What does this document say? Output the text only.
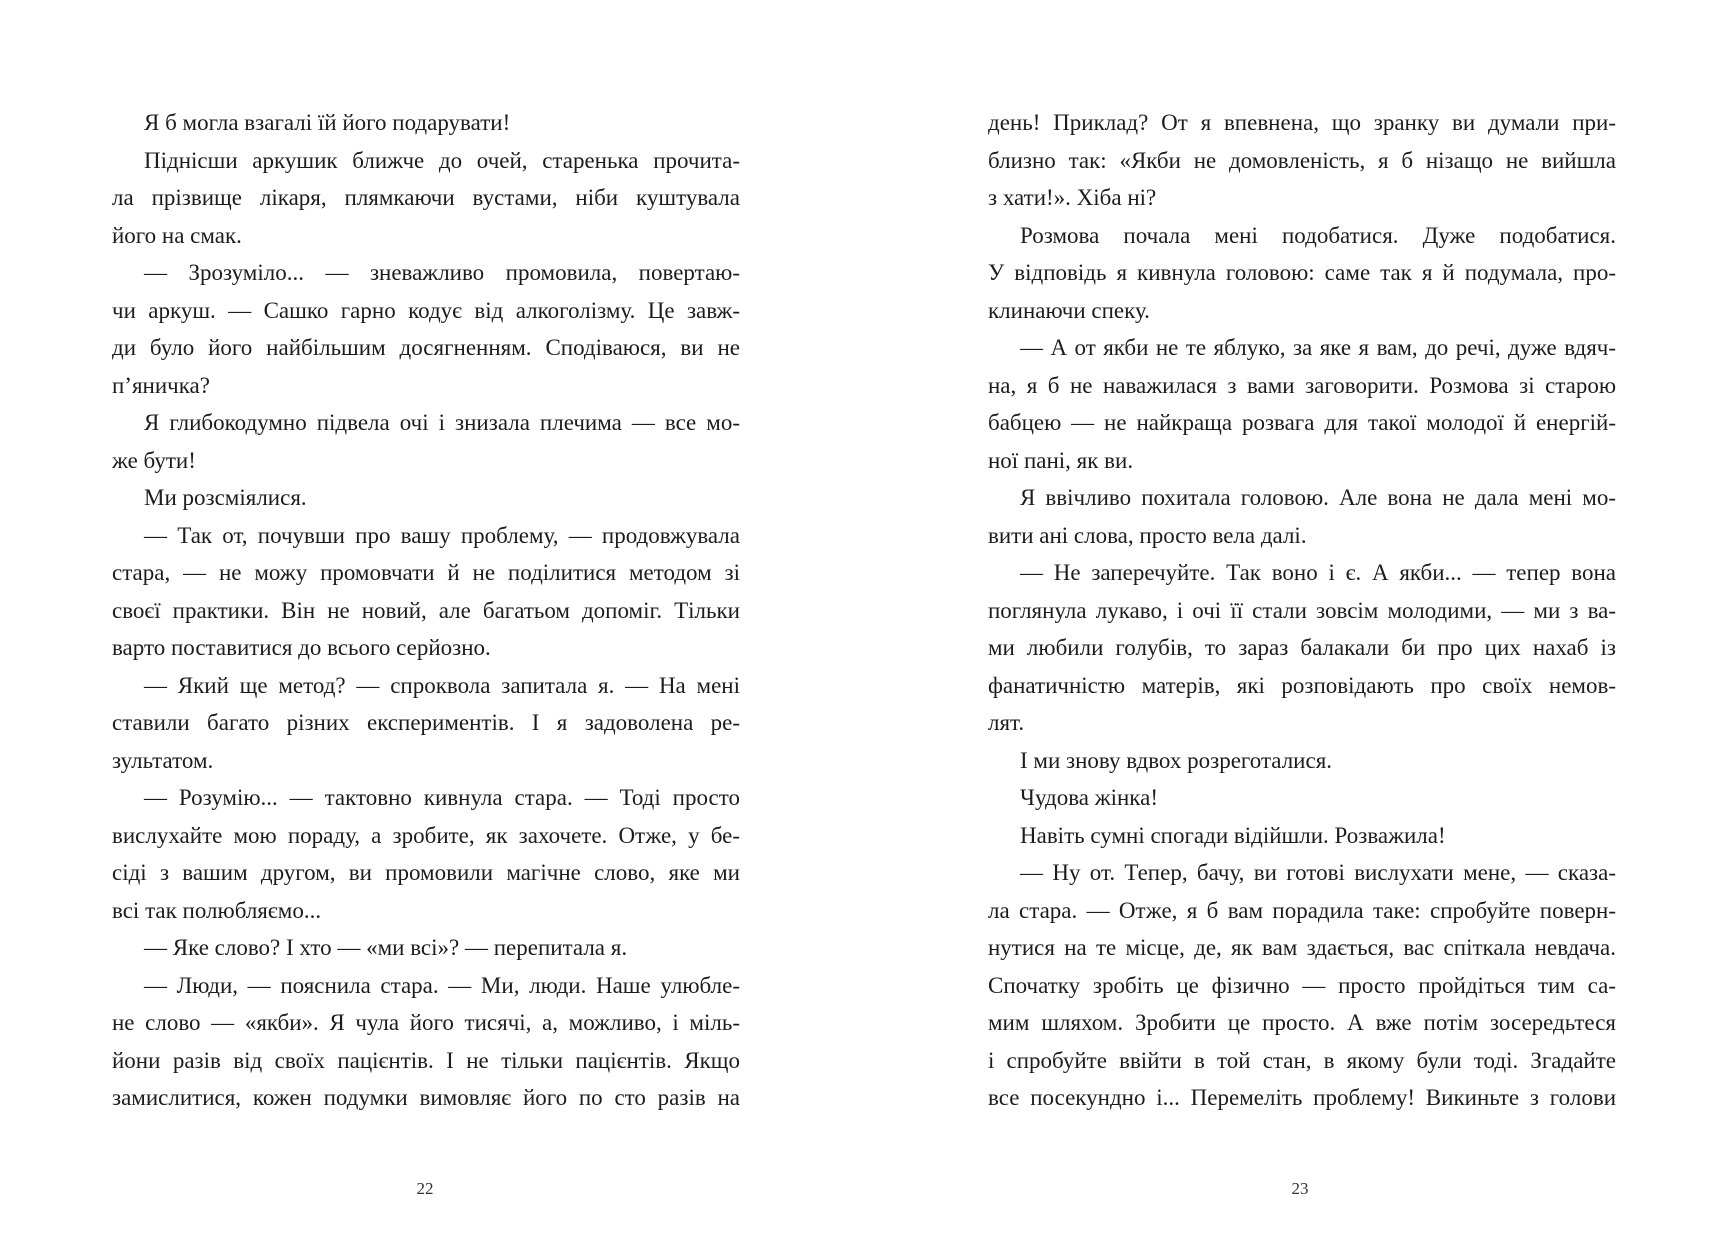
Я б могла взагалі їй його подарувати!
Піднісши аркушик ближче до очей, старенька прочита-
ла прізвище лікаря, плямкаючи вустами, ніби куштувала
його на смак.
— Зрозуміло... — зневажливо промовила, повертаю-
чи аркуш. — Сашко гарно кодує від алкоголізму. Це завж-
ди було його найбільшим досягненням. Сподіваюся, ви не
п’яничка?
Я глибокодумно підвела очі і знизала плечима — все мо-
же бути!
Ми розсміялися.
— Так от, почувши про вашу проблему, — продовжувала
стара, — не можу промовчати й не поділитися методом зі
своєї практики. Він не новий, але багатьом допоміг. Тільки
варто поставитися до всього серйозно.
— Який ще метод? — спроквола запитала я. — На мені
ставили багато різних експериментів. І я задоволена ре-
зультатом.
— Розумію... — тактовно кивнула стара. — Тоді просто
вислухайте мою пораду, а зробите, як захочете. Отже, у бе-
сіді з вашим другом, ви промовили магічне слово, яке ми
всі так полюбляємо...
— Яке слово? І хто — «ми всі»? — перепитала я.
— Люди, — пояснила стара. — Ми, люди. Наше улюбле-
не слово — «якби». Я чула його тисячі, а, можливо, і міль-
йони разів від своїх пацієнтів. І не тільки пацієнтів. Якщо
замислитися, кожен подумки вимовляє його по сто разів на
день! Приклад? От я впевнена, що зранку ви думали при-
близно так: «Якби не домовленість, я б нізащо не вийшла
з хати!». Хіба ні?
Розмова почала мені подобатися. Дуже подобатися.
У відповідь я кивнула головою: саме так я й подумала, про-
клинаючи спеку.
— А от якби не те яблуко, за яке я вам, до речі, дуже вдяч-
на, я б не наважилася з вами заговорити. Розмова зі старою
бабцею — не найкраща розвага для такої молодої й енергій-
ної пані, як ви.
Я ввічливо похитала головою. Але вона не дала мені мо-
вити ані слова, просто вела далі.
— Не заперечуйте. Так воно і є. А якби... — тепер вона
поглянула лукаво, і очі її стали зовсім молодими, — ми з ва-
ми любили голубів, то зараз балакали би про цих нахаб із
фанатичністю матерів, які розповідають про своїх немов-
лят.
І ми знову вдвох розреготалися.
Чудова жінка!
Навіть сумні спогади відійшли. Розважила!
— Ну от. Тепер, бачу, ви готові вислухати мене, — сказа-
ла стара. — Отже, я б вам порадила таке: спробуйте поверн-
нутися на те місце, де, як вам здається, вас спіткала невдача.
Спочатку зробіть це фізично — просто пройдіться тим са-
мим шляхом. Зробити це просто. А вже потім зосередьтеся
і спробуйте ввійти в той стан, в якому були тоді. Згадайте
все посекундно і... Перемеліть проблему! Викиньте з голови
22	23
